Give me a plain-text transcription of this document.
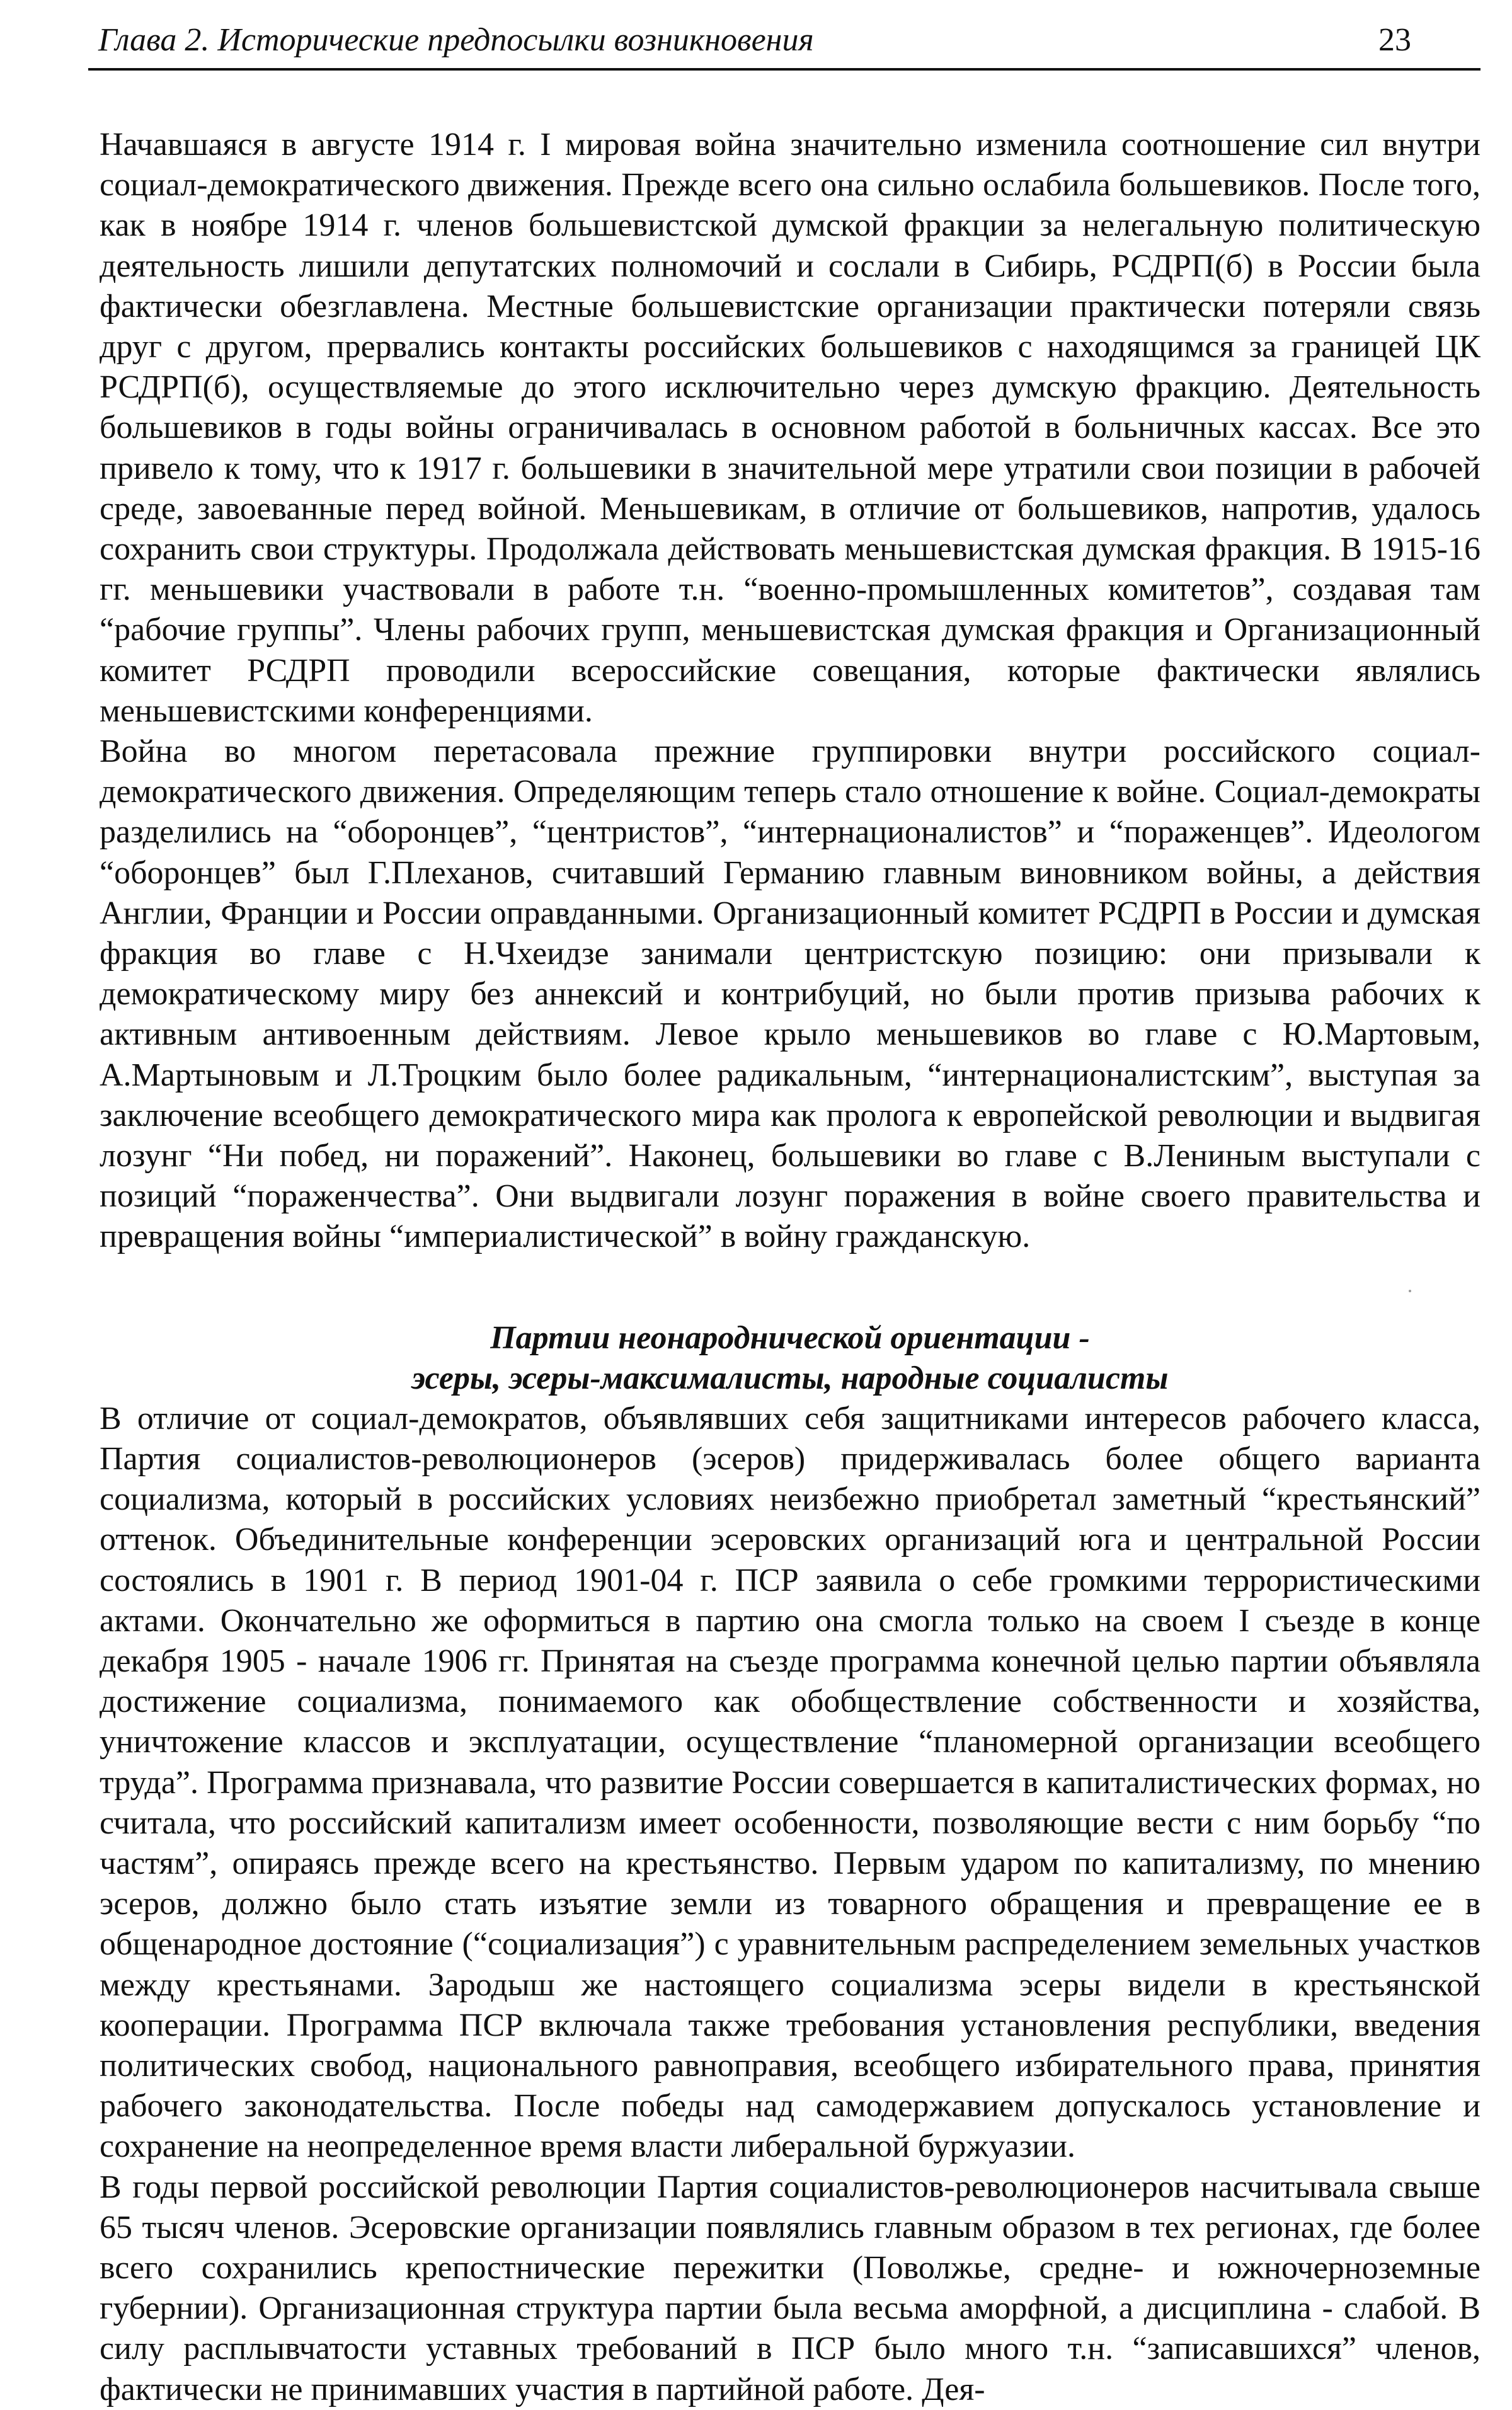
Глава 2. Исторические предпосылки возникновения	23

Начавшаяся в августе 1914 г. I мировая война значительно изменила соотношение сил внутри социал-демократического движения. Прежде всего она сильно ослабила большевиков. После того, как в ноябре 1914 г. членов большевистской думской фракции за нелегальную политическую деятельность лишили депутатских полномочий и сослали в Сибирь, РСДРП(б) в России была фактически обезглавлена. Местные большевистские организации практически потеряли связь друг с другом, прервались контакты российских большевиков с находящимся за границей ЦК РСДРП(б), осуществляемые до этого исключительно через думскую фракцию. Деятельность большевиков в годы войны ограничивалась в основном работой в больничных кассах. Все это привело к тому, что к 1917 г. большевики в значительной мере утратили свои позиции в рабочей среде, завоеванные перед войной. Меньшевикам, в отличие от большевиков, напротив, удалось сохранить свои структуры. Продолжала действовать меньшевистская думская фракция. В 1915-16 гг. меньшевики участвовали в работе т.н. “военно-промышленных комитетов”, создавая там “рабочие группы”. Члены рабочих групп, меньшевистская думская фракция и Организационный комитет РСДРП проводили всероссийские совещания, которые фактически являлись меньшевистскими конференциями.

Война во многом перетасовала прежние группировки внутри российского социал-демократического движения. Определяющим теперь стало отношение к войне. Социал-демократы разделились на “оборонцев”, “центристов”, “интернационалистов” и “пораженцев”. Идеологом “оборонцев” был Г.Плеханов, считавший Германию главным виновником войны, а действия Англии, Франции и России оправданными. Организационный комитет РСДРП в России и думская фракция во главе с Н.Чхеидзе занимали центристскую позицию: они призывали к демократическому миру без аннексий и контрибуций, но были против призыва рабочих к активным антивоенным действиям. Левое крыло меньшевиков во главе с Ю.Мартовым, А.Мартыновым и Л.Троцким было более радикальным, “интернационалистским”, выступая за заключение всеобщего демократического мира как пролога к европейской революции и выдвигая лозунг “Ни побед, ни поражений”. Наконец, большевики во главе с В.Лениным выступали с позиций “пораженчества”. Они выдвигали лозунг поражения в войне своего правительства и превращения войны “империалистической” в войну гражданскую.

Партии неонароднической ориентации -
эсеры, эсеры-максималисты, народные социалисты

В отличие от социал-демократов, объявлявших себя защитниками интересов рабочего класса, Партия социалистов-революционеров (эсеров) придерживалась более общего варианта социализма, который в российских условиях неизбежно приобретал заметный “крестьянский” оттенок. Объединительные конференции эсеровских организаций юга и центральной России состоялись в 1901 г. В период 1901-04 г. ПСР заявила о себе громкими террористическими актами. Окончательно же оформиться в партию она смогла только на своем I съезде в конце декабря 1905 - начале 1906 гг. Принятая на съезде программа конечной целью партии объявляла достижение социализма, понимаемого как обобществление собственности и хозяйства, уничтожение классов и эксплуатации, осуществление “планомерной организации всеобщего труда”. Программа признавала, что развитие России совершается в капиталистических формах, но считала, что российский капитализм имеет особенности, позволяющие вести с ним борьбу “по частям”, опираясь прежде всего на крестьянство. Первым ударом по капитализму, по мнению эсеров, должно было стать изъятие земли из товарного обращения и превращение ее в общенародное достояние (“социализация”) с уравнительным распределением земельных участков между крестьянами. Зародыш же настоящего социализма эсеры видели в крестьянской кооперации. Программа ПСР включала также требования установления республики, введения политических свобод, национального равноправия, всеобщего избирательного права, принятия рабочего законодательства. После победы над самодержавием допускалось установление и сохранение на неопределенное время власти либеральной буржуазии.

В годы первой российской революции Партия социалистов-революционеров насчитывала свыше 65 тысяч членов. Эсеровские организации появлялись главным образом в тех регионах, где более всего сохранились крепостнические пережитки (Поволжье, средне- и южночерноземные губернии). Организационная структура партии была весьма аморфной, а дисциплина - слабой. В силу расплывчатости уставных требований в ПСР было много т.н. “записавшихся” членов, фактически не принимавших участия в партийной работе. Дея-
